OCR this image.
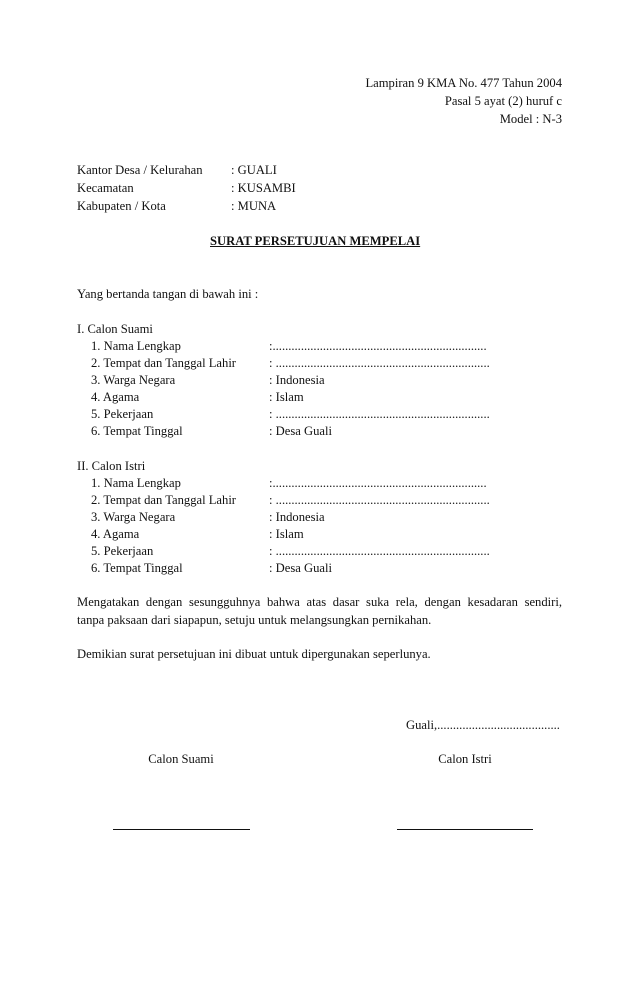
Lampiran 9 KMA No. 477 Tahun 2004
Pasal 5 ayat (2) huruf c
Model : N-3
Kantor Desa / Kelurahan : GUALI
Kecamatan	: KUSAMBI
Kabupaten / Kota	: MUNA
SURAT PERSETUJUAN MEMPELAI
Yang bertanda tangan di bawah ini :
I. Calon Suami
1. Nama Lengkap	:....................................................................
2. Tempat dan Tanggal Lahir	: ....................................................................
3. Warga Negara	: Indonesia
4. Agama	: Islam
5. Pekerjaan	: ....................................................................
6. Tempat Tinggal	: Desa Guali
II. Calon Istri
1. Nama Lengkap	:....................................................................
2. Tempat dan Tanggal Lahir	: ....................................................................
3. Warga Negara	: Indonesia
4. Agama	: Islam
5. Pekerjaan	: ....................................................................
6. Tempat Tinggal	: Desa Guali
Mengatakan dengan sesungguhnya bahwa atas dasar suka rela, dengan kesadaran sendiri,
tanpa paksaan dari siapapun, setuju untuk melangsungkan pernikahan.
Demikian surat persetujuan ini dibuat untuk dipergunakan seperlunya.
Guali,.......................................
Calon Suami	Calon Istri
